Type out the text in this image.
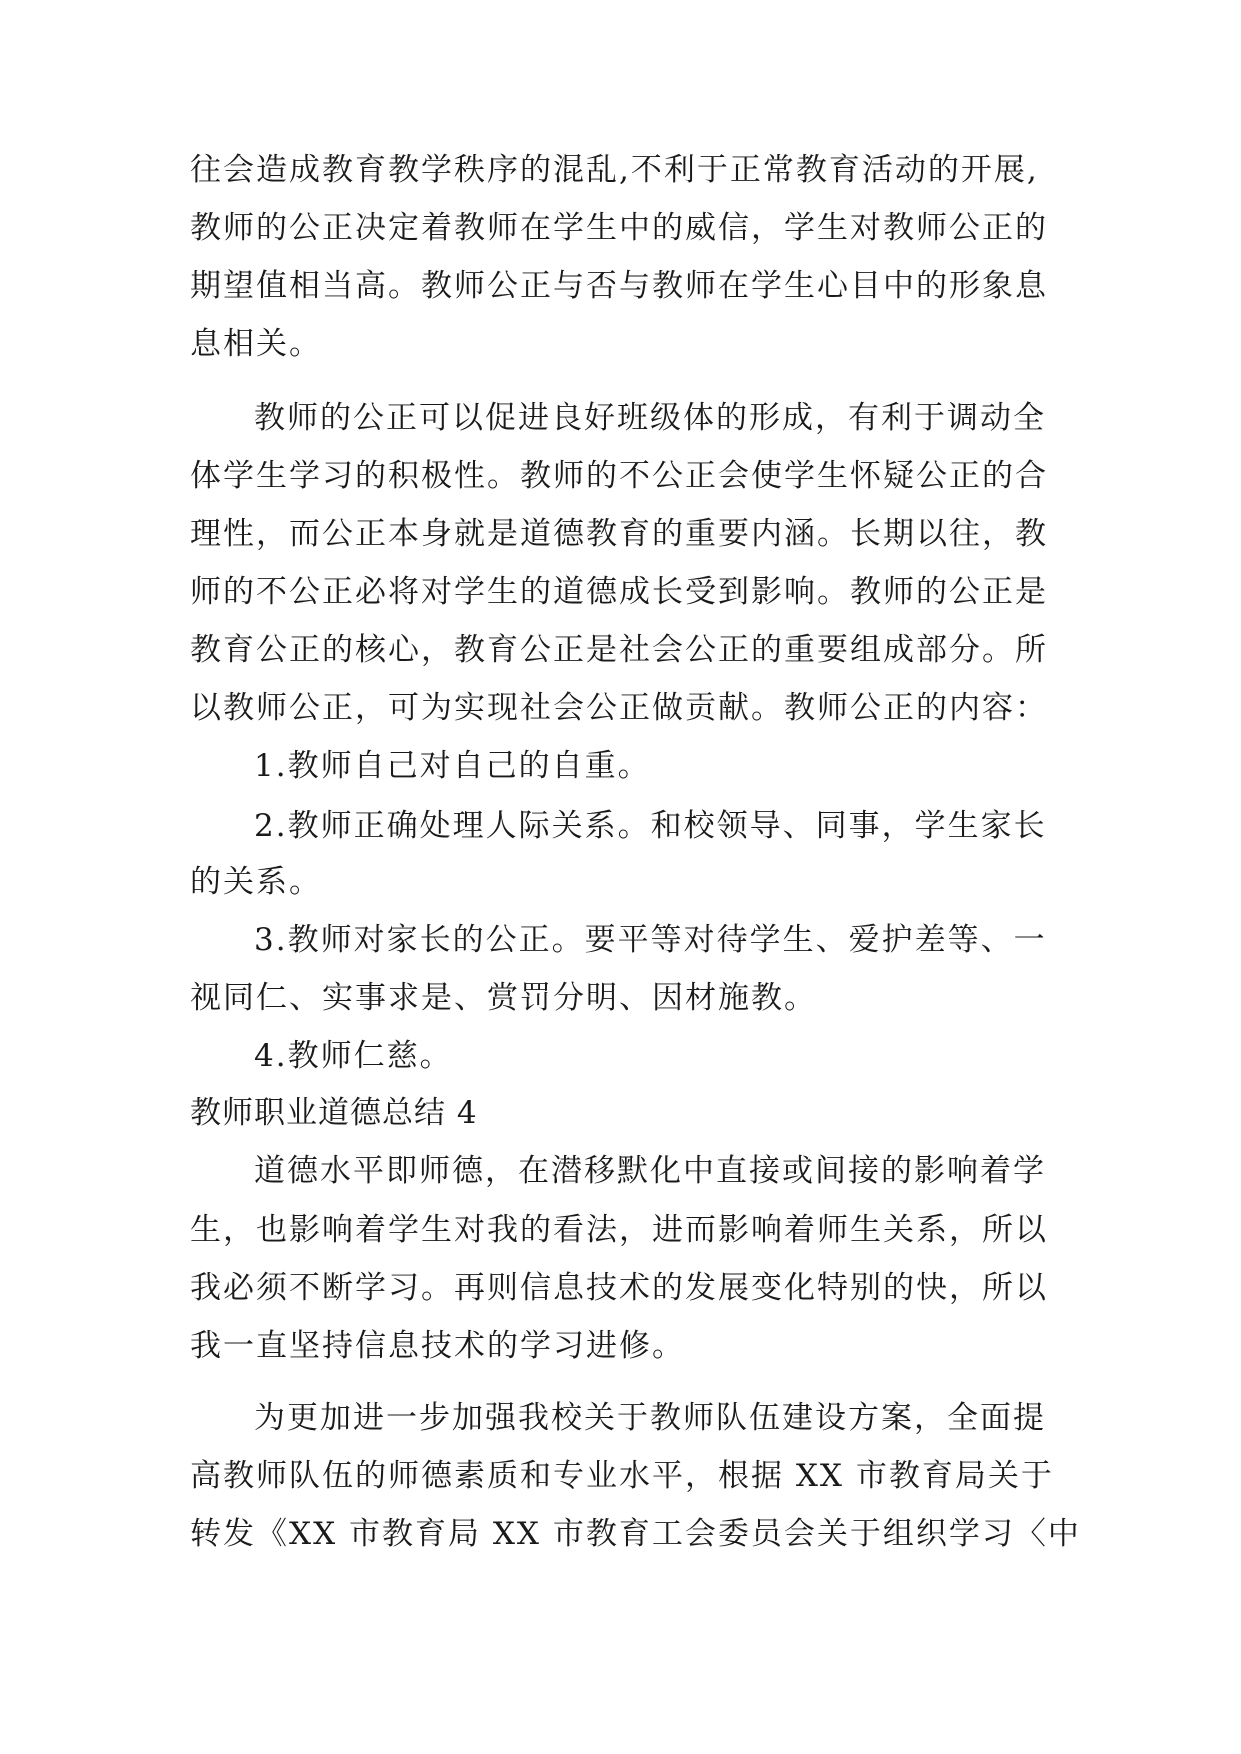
往会造成教育教学秩序的混乱,不利于正常教育活动的开展,
教师的公正决定着教师在学生中的威信，学生对教师公正的
期望值相当高。教师公正与否与教师在学生心目中的形象息
息相关。
教师的公正可以促进良好班级体的形成，有利于调动全
体学生学习的积极性。教师的不公正会使学生怀疑公正的合
理性，而公正本身就是道德教育的重要内涵。长期以往，教
师的不公正必将对学生的道德成长受到影响。教师的公正是
教育公正的核心，教育公正是社会公正的重要组成部分。所
以教师公正，可为实现社会公正做贡献。教师公正的内容：
1.教师自己对自己的自重。
2.教师正确处理人际关系。和校领导、同事，学生家长
的关系。
3.教师对家长的公正。要平等对待学生、爱护差等、一
视同仁、实事求是、赏罚分明、因材施教。
4.教师仁慈。
教师职业道德总结 4
道德水平即师德，在潜移默化中直接或间接的影响着学
生，也影响着学生对我的看法，进而影响着师生关系，所以
我必须不断学习。再则信息技术的发展变化特别的快，所以
我一直坚持信息技术的学习进修。
为更加进一步加强我校关于教师队伍建设方案，全面提
高教师队伍的师德素质和专业水平，根据 XX 市教育局关于
转发《XX 市教育局 XX 市教育工会委员会关于组织学习〈中
